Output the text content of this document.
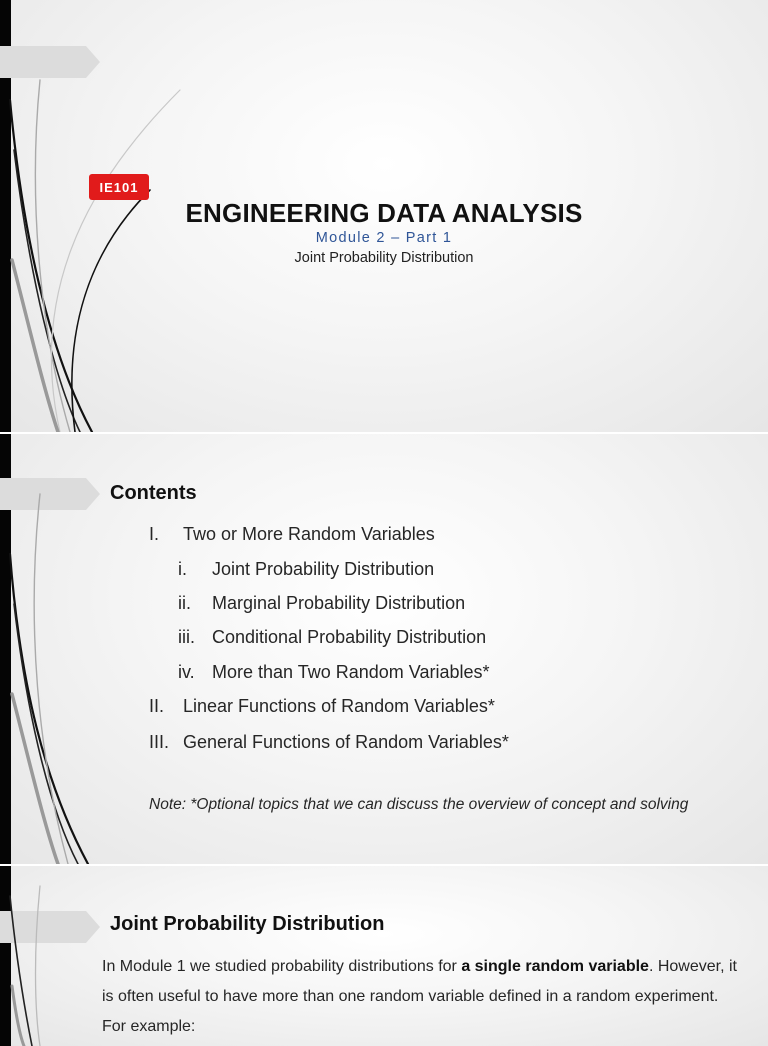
IE101
ENGINEERING DATA ANALYSIS
Module 2 – Part 1
Joint Probability Distribution
Contents
I. Two or More Random Variables
i. Joint Probability Distribution
ii. Marginal Probability Distribution
iii. Conditional Probability Distribution
iv. More than Two Random Variables*
II. Linear Functions of Random Variables*
III. General Functions of Random Variables*
Note: *Optional topics that we can discuss the overview of concept and solving
Joint Probability Distribution
In Module 1 we studied probability distributions for a single random variable. However, it is often useful to have more than one random variable defined in a random experiment. For example:
